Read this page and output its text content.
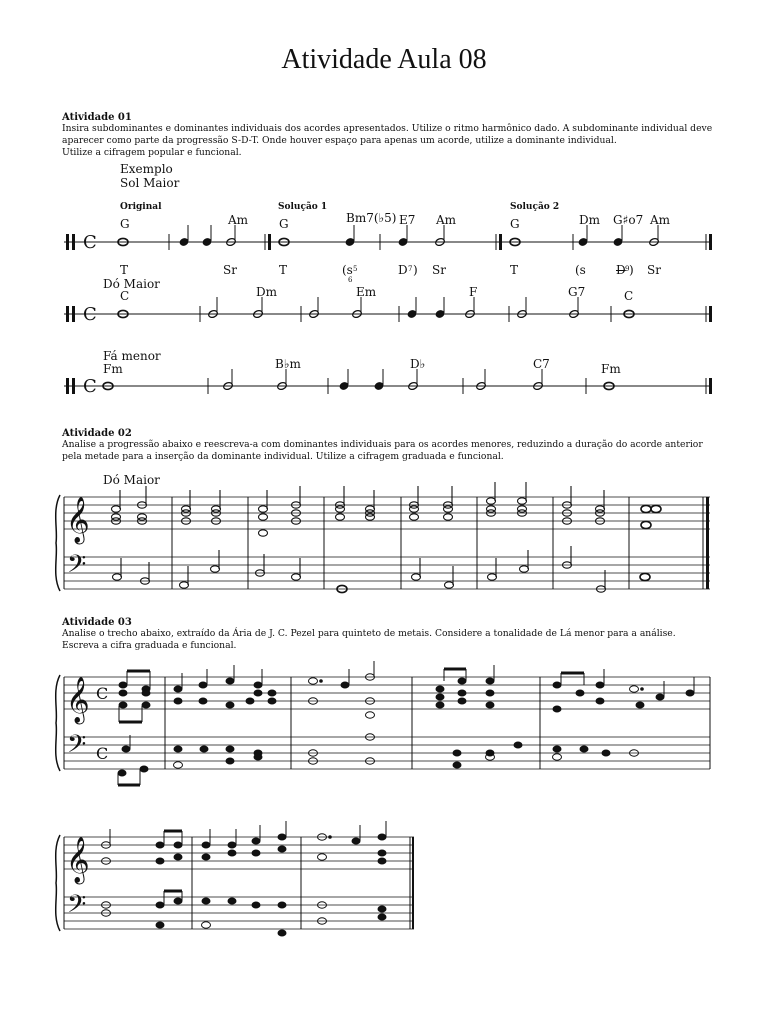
Atividade Aula 08
Atividade 01
Insira subdominantes e dominantes individuais dos acordes apresentados. Utilize o ritmo harmônico dado. A subdominante individual deve
aparecer como parte da progressão S-D-T. Onde houver espaço para apenas um acorde, utilize a dominante individual.
Utilize a cifragem popular e funcional.
Exemplo
Sol Maior
Original	Solução 1	Solução 2
Dó Maior
Fá menor
Atividade 02
Analise a progressão abaixo e reescreva-a com dominantes individuais para os acordes menores, reduzindo a duração do acorde anterior
pela metade para a inserção da dominante individual. Utilize a cifragem graduada e funcional.
Dó Maior
Atividade 03
Analise o trecho abaixo, extraído da Ária de J. C. Pezel para quinteto de metais. Considere a tonalidade de Lá menor para a análise.
Escreva a cifra graduada e funcional.
C
C
C
𝄞
𝄢
𝄞
𝄢
C
C
𝄞
𝄢
G	Am	G	Bm7(♭5) E7 Am	G	Dm G♯o7 Am
T	Sr	T	(s 5
6
D 7 ) Sr	T	(s	D 9 ) Sr
C	Dm	Em	F	G7	C
Fm	B♭m	D♭	C7	Fm
